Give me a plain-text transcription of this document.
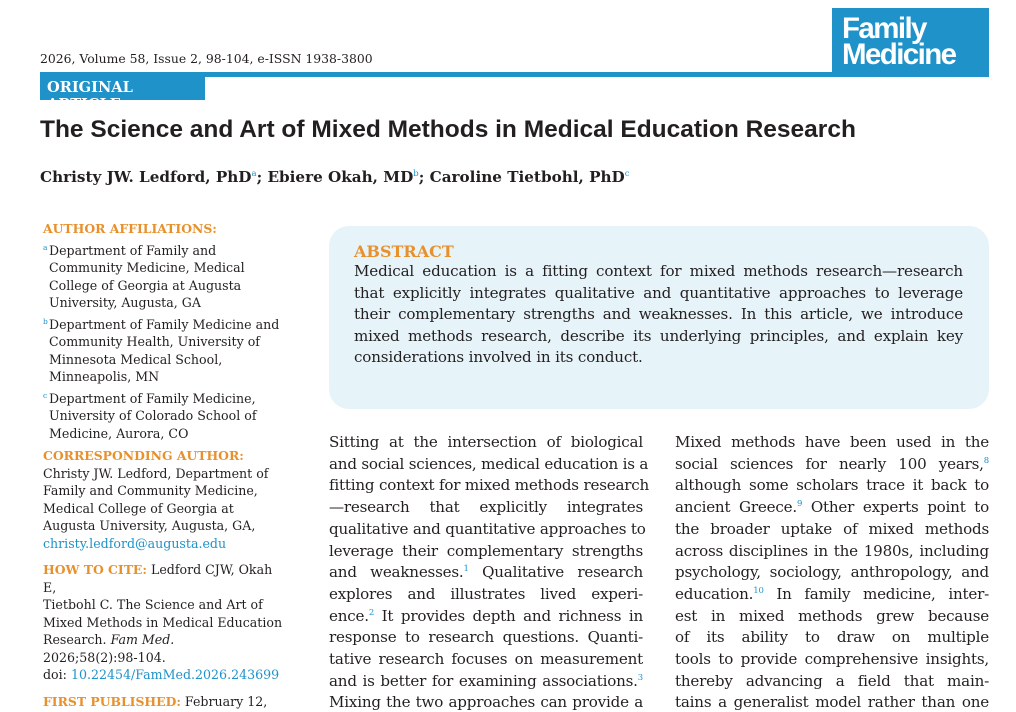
2026, Volume 58, Issue 2, 98-104, e-ISSN 1938-3800
Family
Medicine
ORIGINAL ARTICLE
The Science and Art of Mixed Methods in Medical Education Research
Christy JW. Ledford, PhD$^a$; Ebiere Okah, $MD^b$; Caroline Tietbohl, PhD$^c$
AUTHOR AFFILIATIONS:
a Department of Family and
Community Medicine, Medical
College of Georgia at Augusta
University, Augusta, GA
b Department of Family Medicine and
Community Health, University of
Minnesota Medical School,
Minneapolis, MN
c Department of Family Medicine,
University of Colorado School of
Medicine, Aurora, CO
CORRESPONDING AUTHOR:
Christy JW. Ledford, Department of
Family and Community Medicine,
Medical College of Georgia at
Augusta University, Augusta, GA,
christy.ledford@augusta.edu
HOW TO CITE: Ledford CJW, Okah E,
Tietbohl C. The Science and Art of
Mixed Methods in Medical Education
Research. Fam Med.
2026;58(2):98-104.
doi: 10.22454/FamMed.2026.243699
FIRST PUBLISHED: February 12,
ABSTRACT
Medical education is a fitting context for mixed methods research—research
that explicitly integrates qualitative and quantitative approaches to leverage
their complementary strengths and weaknesses. In this article, we introduce
mixed methods research, describe its underlying principles, and explain key
considerations involved in its conduct.
Sitting at the intersection of biological
and social sciences, medical education is a
fitting context for mixed methods research
—research that explicitly integrates
qualitative and quantitative approaches to
leverage their complementary strengths
and weaknesses.$^1$ Qualitative research
explores and illustrates lived experi-
ence.$^2$ It provides depth and richness in
response to research questions. Quanti-
tative research focuses on measurement
and is better for examining associations.$^3$
Mixing the two approaches can provide a
Mixed methods have been used in the
social sciences for nearly 100 years,$^8$
although some scholars trace it back to
ancient Greece.$^9$ Other experts point to
the broader uptake of mixed methods
across disciplines in the 1980s, including
psychology, sociology, anthropology, and
education.$^{10}$ In family medicine, inter-
est in mixed methods grew because
of its ability to draw on multiple
tools to provide comprehensive insights,
thereby advancing a field that main-
tains a generalist model rather than one
